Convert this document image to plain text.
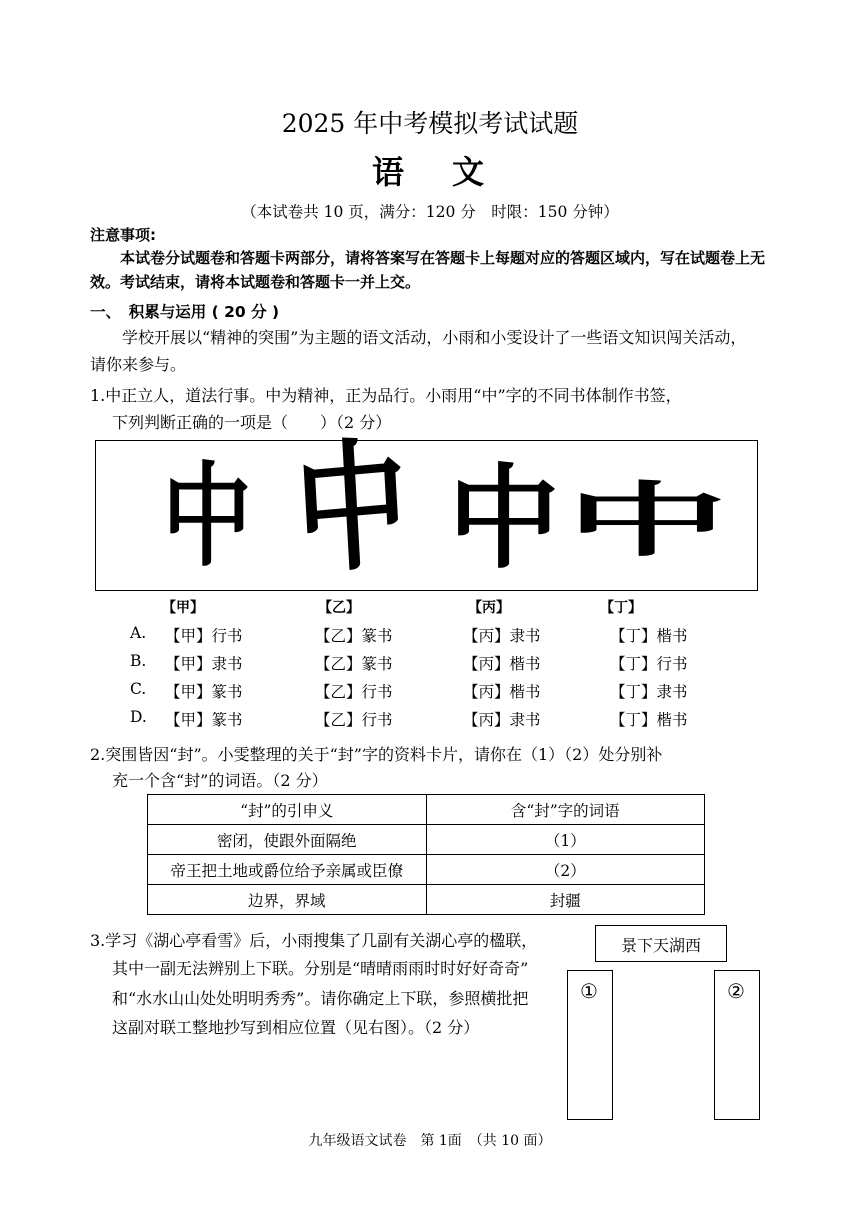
2025 年中考模拟考试试题
语 文
（本试卷共 10 页，满分：120 分　时限：150 分钟）
注意事项:
本试卷分试题卷和答题卡两部分，请将答案写在答题卡上每题对应的答题区域内，写在试题卷上无效。考试结束，请将本试题卷和答题卡一并上交。
一、　积累与运用 ( 20 分 )
学校开展以“精神的突围”为主题的语文活动，小雨和小雯设计了一些语文知识闯关活动，请你来参与。
1.中正立人，道法行事。中为精神，正为品行。小雨用“中”字的不同书体制作书签，
下列判断正确的一项是（　　）（2 分）
中 中 中 中
【甲】	【乙】	【丙】	【丁】
A. 【甲】行书	【乙】篆书	【丙】隶书	【丁】楷书
B. 【甲】隶书	【乙】篆书	【丙】楷书	【丁】行书
C. 【甲】篆书	【乙】行书	【丙】楷书	【丁】隶书
D. 【甲】篆书	【乙】行书	【丙】隶书	【丁】楷书
2.突围皆因“封”。小雯整理的关于“封”字的资料卡片，请你在（1）（2）处分别补
充一个含“封”的词语。（2 分）
“封”的引申义	含“封”字的词语
密闭，使跟外面隔绝	（1）
帝王把土地或爵位给予亲属或臣僚	（2）
边界，界域	封疆
3.学习《湖心亭看雪》后，小雨搜集了几副有关湖心亭的楹联，
其中一副无法辨别上下联。分别是“晴晴雨雨时时好好奇奇”
和“水水山山处处明明秀秀”。请你确定上下联，参照横批把
这副对联工整地抄写到相应位置（见右图）。（2 分）
景下天湖西
①	②
九年级语文试卷　第 1面　（共 10 面）
